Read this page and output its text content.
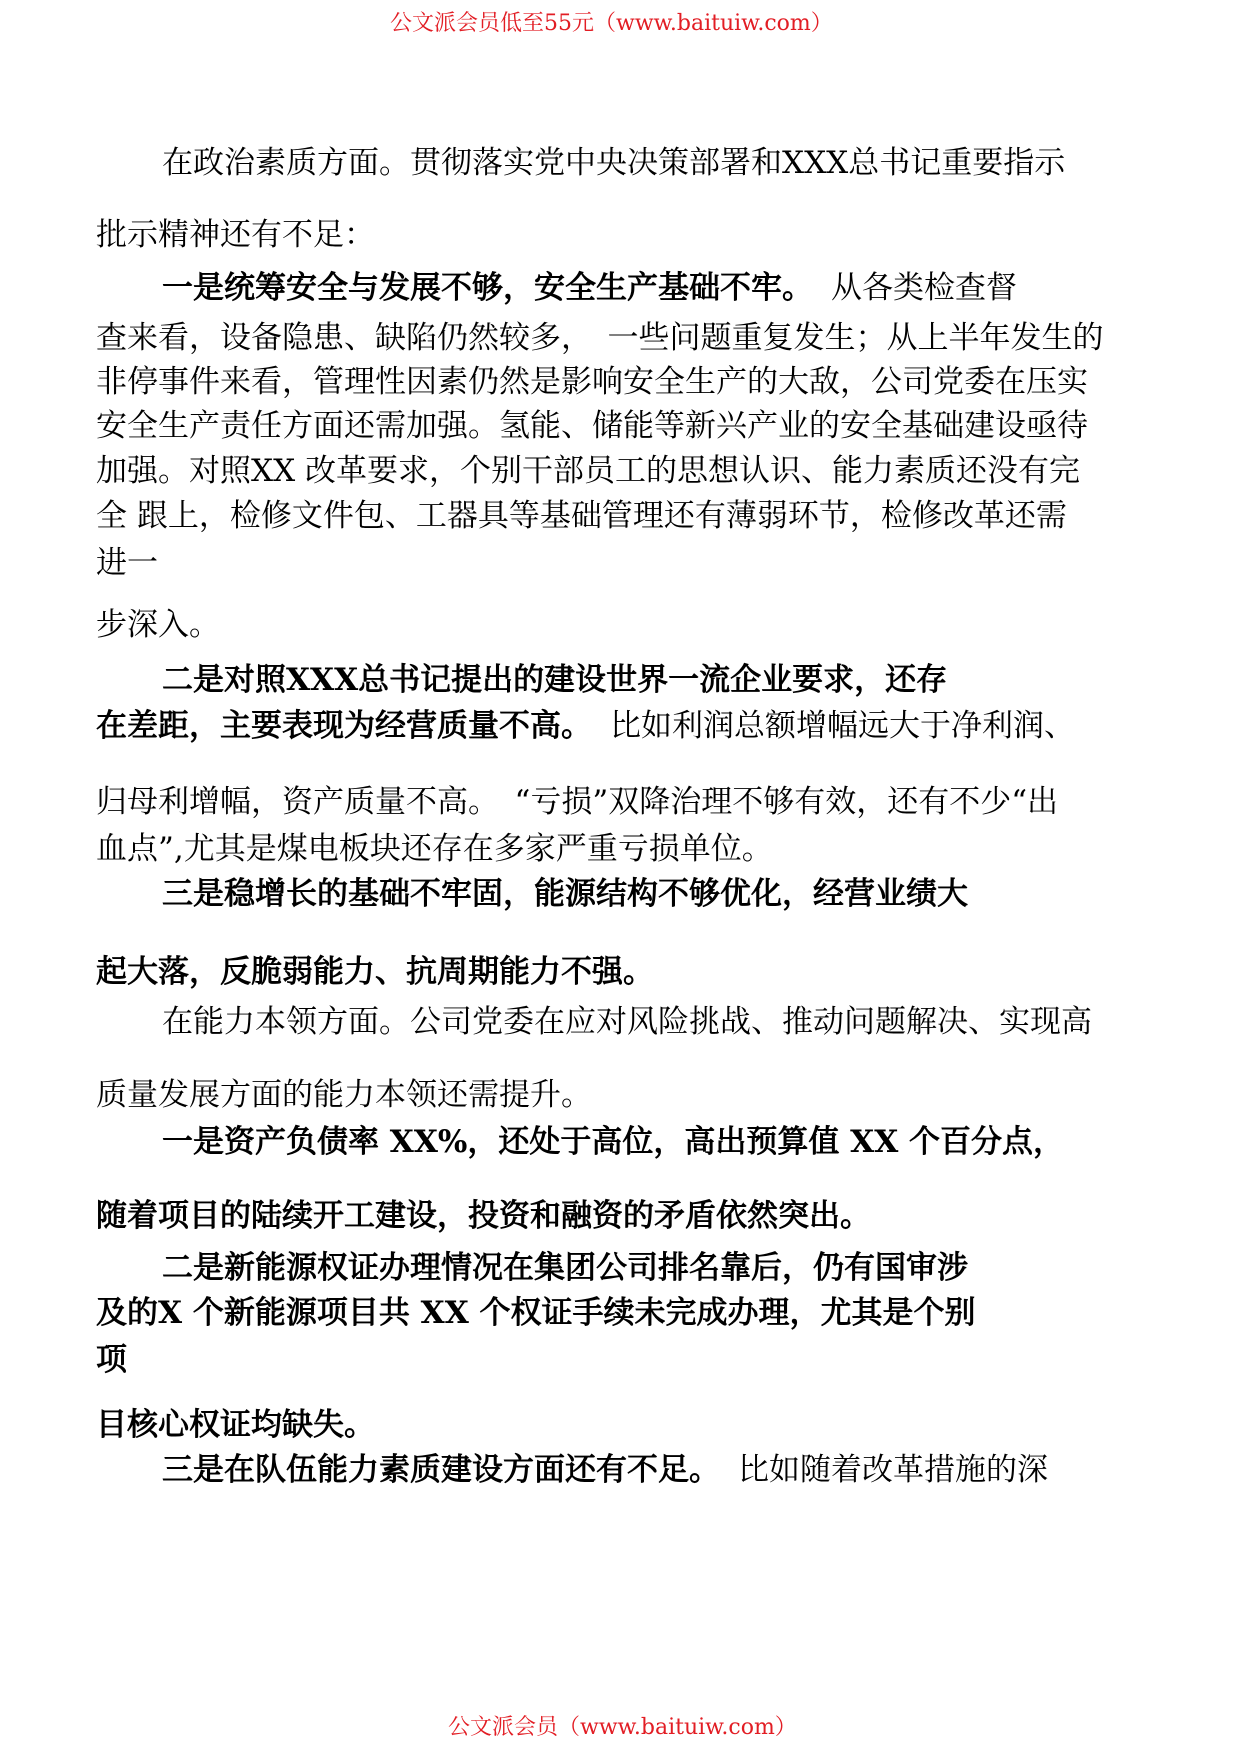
公文派会员低至55元（www.baituiw.com）
在政治素质方面。贯彻落实党中央决策部署和XXX总书记重要指示
批示精神还有不足：
一是统筹安全与发展不够，安全生产基础不牢。 从各类检查督
查来看，设备隐患、缺陷仍然较多，　一些问题重复发生；从上半年发生的
非停事件来看，管理性因素仍然是影响安全生产的大敌，公司党委在压实
安全生产责任方面还需加强。氢能、储能等新兴产业的安全基础建设亟待
加强。对照XX 改革要求，个别干部员工的思想认识、能力素质还没有完
全 跟上，检修文件包、工器具等基础管理还有薄弱环节，检修改革还需
进一
步深入。
二是对照XXX总书记提出的建设世界一流企业要求，还存
在差距，主要表现为经营质量不高。 比如利润总额增幅远大于净利润、
归母利增幅，资产质量不高。　“亏损”双降治理不够有效，还有不少“出
血点”,尤其是煤电板块还存在多家严重亏损单位。
三是稳增长的基础不牢固，能源结构不够优化，经营业绩大
起大落，反脆弱能力、抗周期能力不强。
在能力本领方面。公司党委在应对风险挑战、推动问题解决、实现高
质量发展方面的能力本领还需提升。
一是资产负债率 XX%，还处于高位，高出预算值 XX 个百分点，
随着项目的陆续开工建设，投资和融资的矛盾依然突出。
二是新能源权证办理情况在集团公司排名靠后，仍有国审涉
及的X 个新能源项目共 XX 个权证手续未完成办理，尤其是个别
项
目核心权证均缺失。
三是在队伍能力素质建设方面还有不足。 比如随着改革措施的深
公文派会员（www.baituiw.com）
